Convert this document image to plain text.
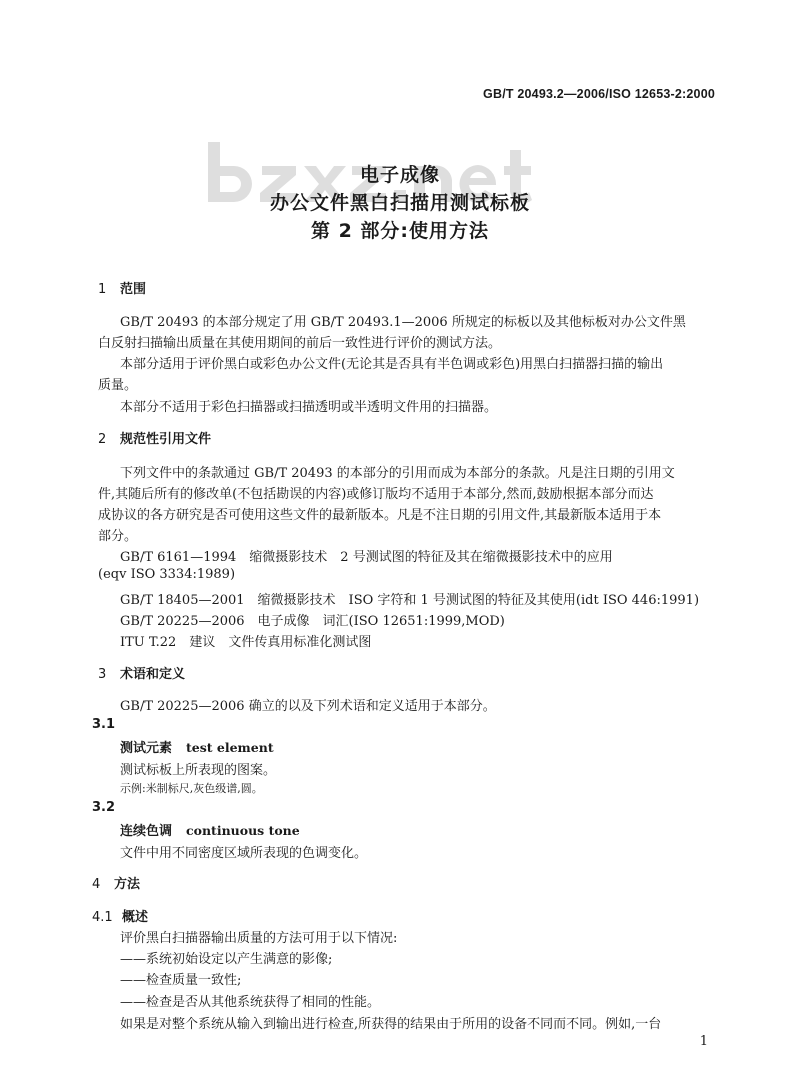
GB/T 20493.2—2006/ISO 12653-2:2000
电子成像
办公文件黑白扫描用测试标板
第 2 部分:使用方法
1 范围
GB/T 20493 的本部分规定了用 GB/T 20493.1—2006 所规定的标板以及其他标板对办公文件黑
白反射扫描输出质量在其使用期间的前后一致性进行评价的测试方法。
本部分适用于评价黑白或彩色办公文件(无论其是否具有半色调或彩色)用黑白扫描器扫描的输出
质量。
本部分不适用于彩色扫描器或扫描透明或半透明文件用的扫描器。
2 规范性引用文件
下列文件中的条款通过 GB/T 20493 的本部分的引用而成为本部分的条款。凡是注日期的引用文
件,其随后所有的修改单(不包括勘误的内容)或修订版均不适用于本部分,然而,鼓励根据本部分而达
成协议的各方研究是否可使用这些文件的最新版本。凡是不注日期的引用文件,其最新版本适用于本
部分。
GB/T 6161—1994　缩微摄影技术　2 号测试图的特征及其在缩微摄影技术中的应用
(eqv ISO 3334:1989)
GB/T 18405—2001　缩微摄影技术　ISO 字符和 1 号测试图的特征及其使用(idt ISO 446:1991)
GB/T 20225—2006　电子成像　词汇(ISO 12651:1999,MOD)
ITU T.22　建议　文件传真用标准化测试图
3 术语和定义
GB/T 20225—2006 确立的以及下列术语和定义适用于本部分。
3.1
测试元素 test element
测试标板上所表现的图案。
示例:米制标尺,灰色级谱,圆。
3.2
连续色调 continuous tone
文件中用不同密度区域所表现的色调变化。
4 方法
4.1 概述
评价黑白扫描器输出质量的方法可用于以下情况:
——系统初始设定以产生满意的影像;
——检查质量一致性;
——检查是否从其他系统获得了相同的性能。
如果是对整个系统从输入到输出进行检查,所获得的结果由于所用的设备不同而不同。例如,一台
1
